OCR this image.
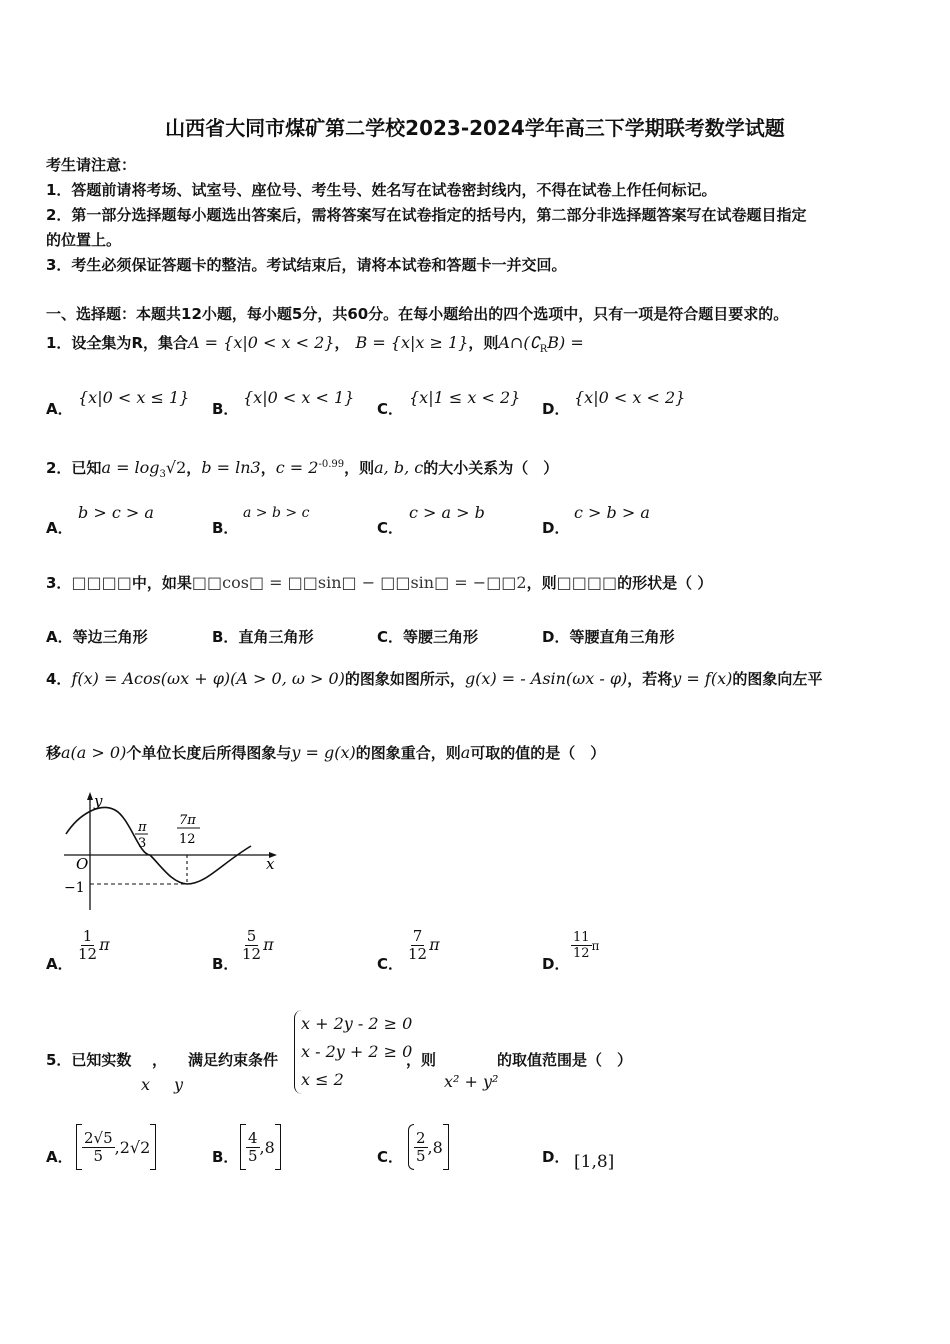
山西省大同市煤矿第二学校2023-2024学年高三下学期联考数学试题
考生请注意：
1．答题前请将考场、试室号、座位号、考生号、姓名写在试卷密封线内，不得在试卷上作任何标记。
2．第一部分选择题每小题选出答案后，需将答案写在试卷指定的括号内，第二部分非选择题答案写在试卷题目指定
的位置上。
3．考生必须保证答题卡的整洁。考试结束后，请将本试卷和答题卡一并交回。
一、选择题：本题共12小题，每小题5分，共60分。在每小题给出的四个选项中，只有一项是符合题目要求的。
1．设全集为R，集合A = {x|0 < x < 2}， B = {x|x ≥ 1}，则$A\cap(∁_RB)$ =
A．
{x|0 < x ≤ 1}
B．
{x|0 < x < 1}
C．
{x|1 ≤ x < 2}
D．
{x|0 < x < 2}
2．已知$a = \log_3√2$，b = ln3，$c = 2^{-0.99}$，则a, b, c的大小关系为（　）
A．
b > c > a
B．
a > b > c
C．
c > a > b
D．
c > b > a
3．□□□□中，如果□□cos□ = □□sin□ − □□sin□ = −□□2，则□□□□的形状是（ ）
A．等边三角形	B．直角三角形	C．等腰三角形	D．等腰直角三角形
4．f(x) = Acos(ωx + φ)(A > 0, ω > 0)的图象如图所示，g(x) = - Asin(ωx - φ)，若将y = f(x)的图象向左平
移a(a > 0)个单位长度后所得图象与y = g(x)的图象重合，则a可取的值的是（　）
y
x
O
−1
π
3
7π
12
A．
$\frac{1}{12}$ π
B．
$\frac{5}{12}$ π
C．
$\frac{7}{12}$ π
D．
$\frac{11}{12}$ π
5．已知实数
x
，
y
满足约束条件
x + 2y - 2 ≥ 0
x - 2y + 2 ≥ 0
x ≤ 2
，则
x² + y²
的取值范围是（　）
A． $\frac{2√5}{5} ,2√2$
B． $\frac{4}{5} ,8$
C． $\frac{2}{5} ,8$
D． [1,8]
